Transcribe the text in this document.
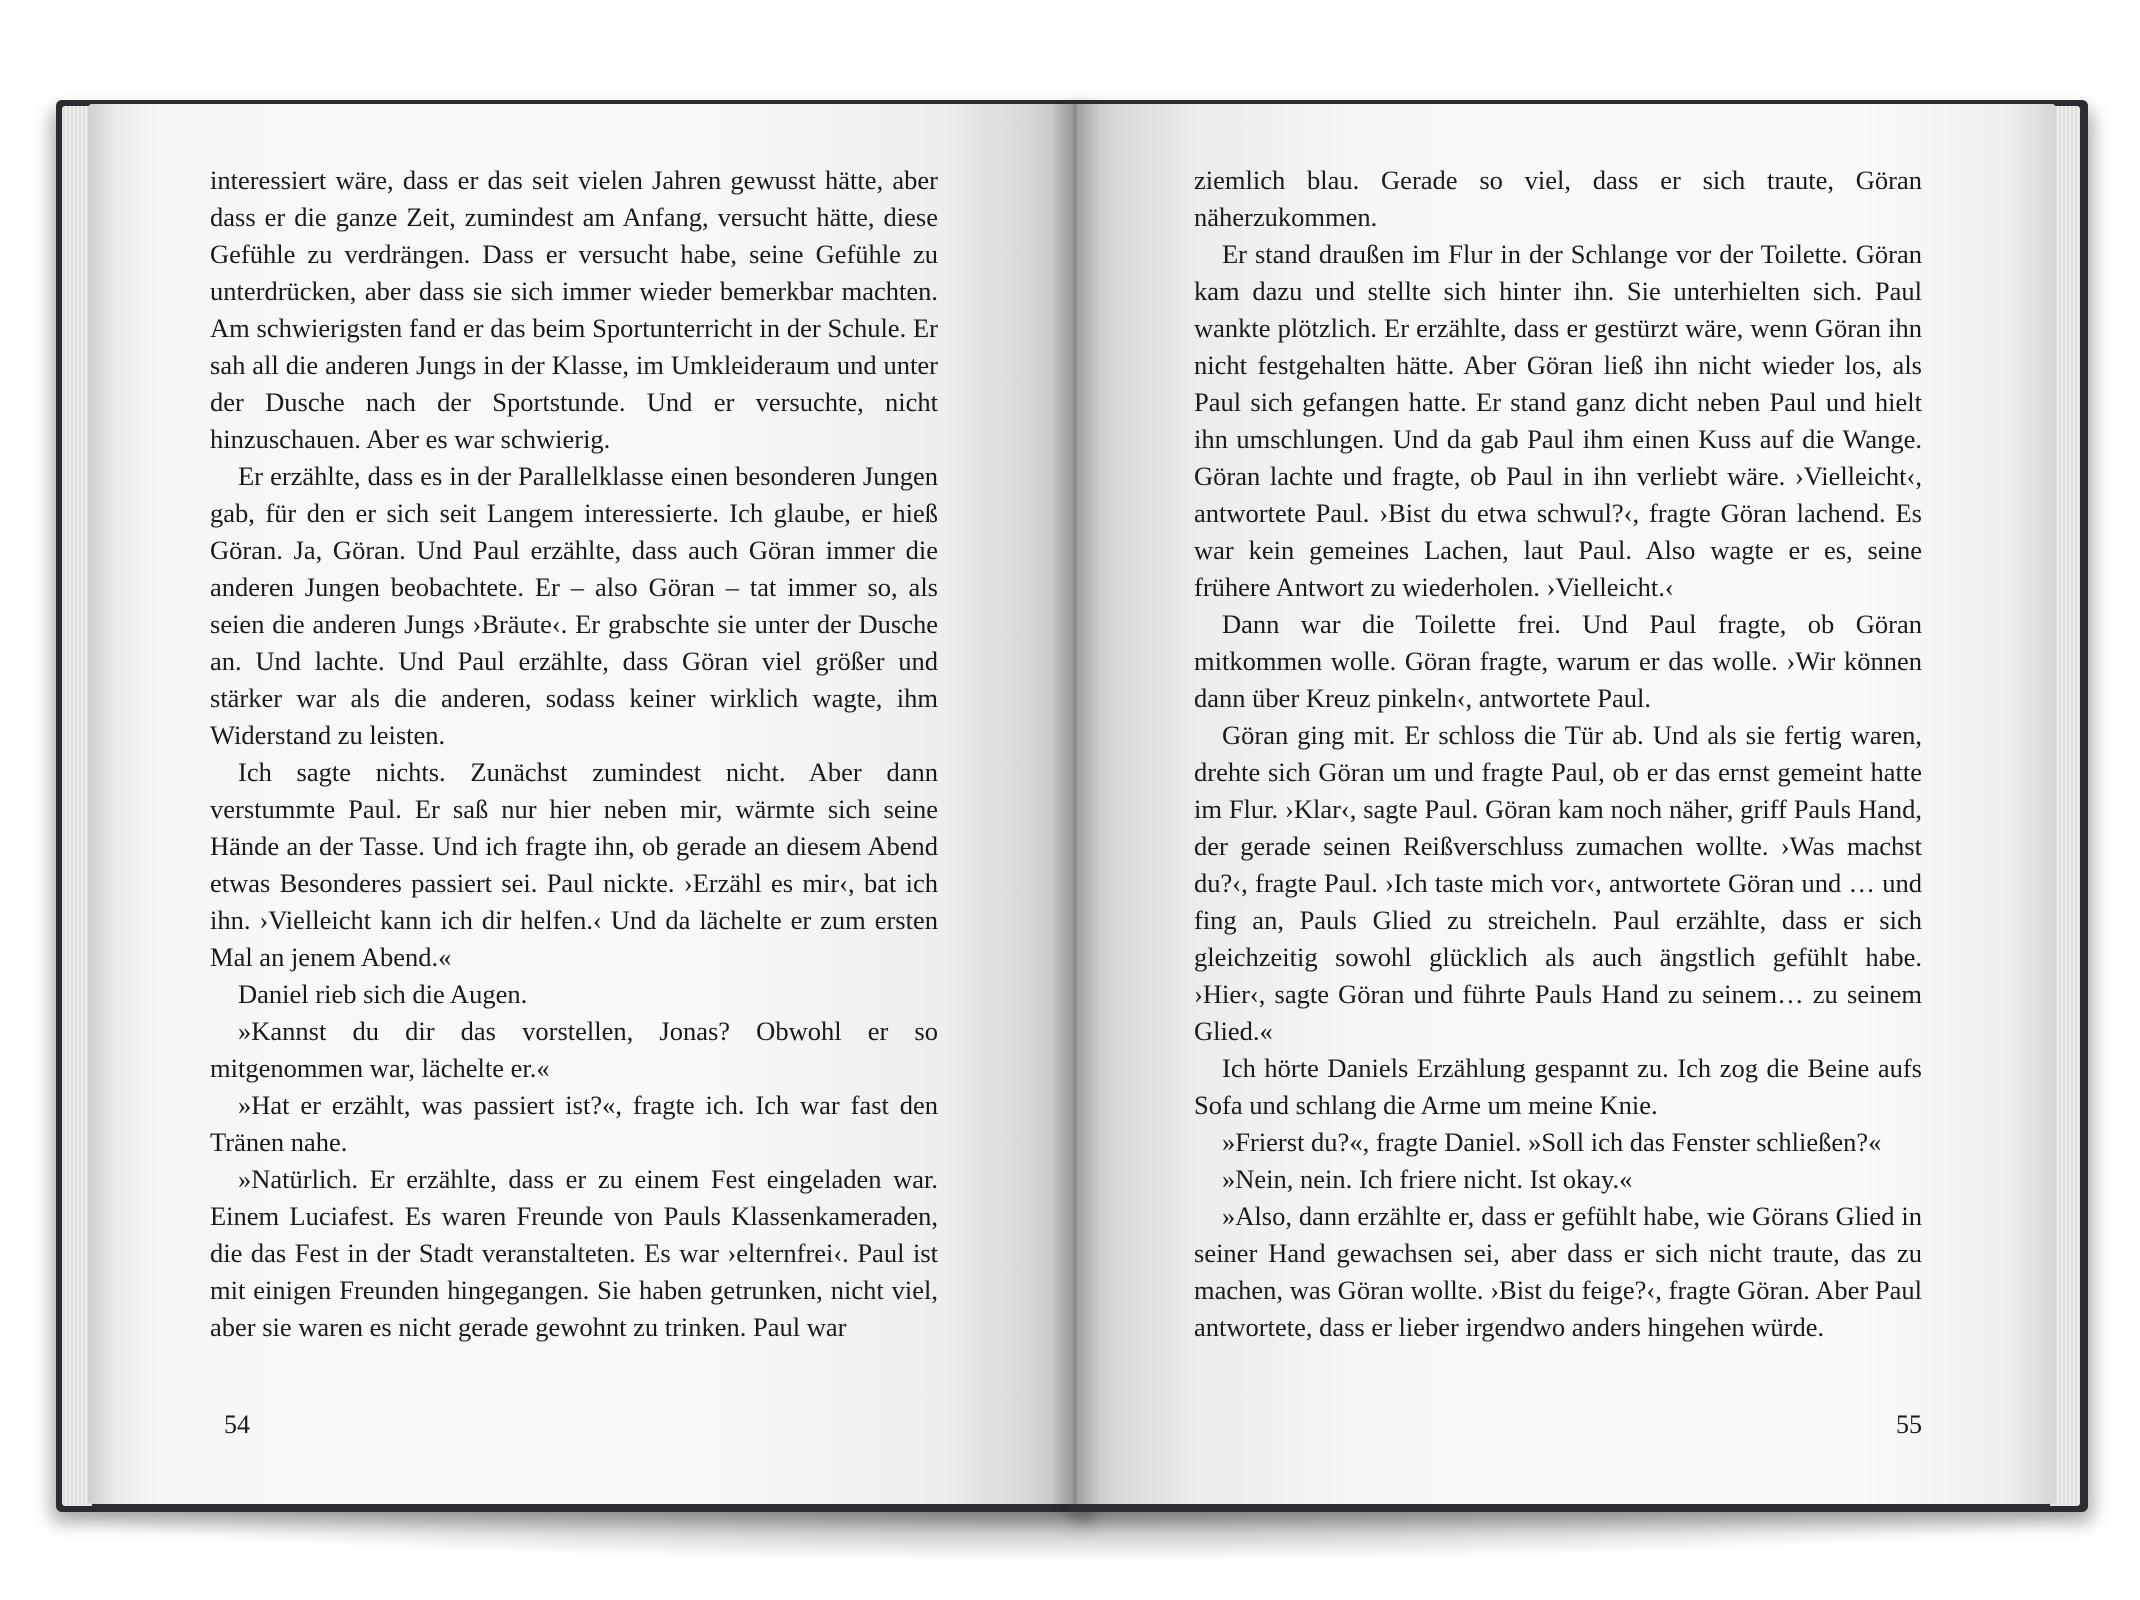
interessiert wäre, dass er das seit vielen Jahren gewusst hätte, aber dass er die ganze Zeit, zumindest am Anfang, versucht hätte, diese Gefühle zu verdrängen. Dass er versucht habe, seine Gefühle zu unterdrücken, aber dass sie sich immer wieder bemerkbar machten. Am schwierigsten fand er das beim Sportunterricht in der Schule. Er sah all die anderen Jungs in der Klasse, im Umkleideraum und unter der Dusche nach der Sportstunde. Und er versuchte, nicht hinzuschauen. Aber es war schwierig.

Er erzählte, dass es in der Parallelklasse einen besonderen Jungen gab, für den er sich seit Langem interessierte. Ich glaube, er hieß Göran. Ja, Göran. Und Paul erzählte, dass auch Göran immer die anderen Jungen beobachtete. Er – also Göran – tat immer so, als seien die anderen Jungs ›Bräute‹. Er grabschte sie unter der Dusche an. Und lachte. Und Paul erzählte, dass Göran viel größer und stärker war als die anderen, sodass keiner wirklich wagte, ihm Widerstand zu leisten.

Ich sagte nichts. Zunächst zumindest nicht. Aber dann verstummte Paul. Er saß nur hier neben mir, wärmte sich seine Hände an der Tasse. Und ich fragte ihn, ob gerade an diesem Abend etwas Besonderes passiert sei. Paul nickte. ›Erzähl es mir‹, bat ich ihn. ›Vielleicht kann ich dir helfen.‹ Und da lächelte er zum ersten Mal an jenem Abend.«

Daniel rieb sich die Augen.

»Kannst du dir das vorstellen, Jonas? Obwohl er so mitgenommen war, lächelte er.«

»Hat er erzählt, was passiert ist?«, fragte ich. Ich war fast den Tränen nahe.

»Natürlich. Er erzählte, dass er zu einem Fest eingeladen war. Einem Luciafest. Es waren Freunde von Pauls Klassenkameraden, die das Fest in der Stadt veranstalteten. Es war ›elternfrei‹. Paul ist mit einigen Freunden hingegangen. Sie haben getrunken, nicht viel, aber sie waren es nicht gerade gewohnt zu trinken. Paul war

54

ziemlich blau. Gerade so viel, dass er sich traute, Göran näherzukommen.

Er stand draußen im Flur in der Schlange vor der Toilette. Göran kam dazu und stellte sich hinter ihn. Sie unterhielten sich. Paul wankte plötzlich. Er erzählte, dass er gestürzt wäre, wenn Göran ihn nicht festgehalten hätte. Aber Göran ließ ihn nicht wieder los, als Paul sich gefangen hatte. Er stand ganz dicht neben Paul und hielt ihn umschlungen. Und da gab Paul ihm einen Kuss auf die Wange. Göran lachte und fragte, ob Paul in ihn verliebt wäre. ›Vielleicht‹, antwortete Paul. ›Bist du etwa schwul?‹, fragte Göran lachend. Es war kein gemeines Lachen, laut Paul. Also wagte er es, seine frühere Antwort zu wiederholen. ›Vielleicht.‹

Dann war die Toilette frei. Und Paul fragte, ob Göran mitkommen wolle. Göran fragte, warum er das wolle. ›Wir können dann über Kreuz pinkeln‹, antwortete Paul.

Göran ging mit. Er schloss die Tür ab. Und als sie fertig waren, drehte sich Göran um und fragte Paul, ob er das ernst gemeint hatte im Flur. ›Klar‹, sagte Paul. Göran kam noch näher, griff Pauls Hand, der gerade seinen Reißverschluss zumachen wollte. ›Was machst du?‹, fragte Paul. ›Ich taste mich vor‹, antwortete Göran und … und fing an, Pauls Glied zu streicheln. Paul erzählte, dass er sich gleichzeitig sowohl glücklich als auch ängstlich gefühlt habe. ›Hier‹, sagte Göran und führte Pauls Hand zu seinem… zu seinem Glied.«

Ich hörte Daniels Erzählung gespannt zu. Ich zog die Beine aufs Sofa und schlang die Arme um meine Knie.

»Frierst du?«, fragte Daniel. »Soll ich das Fenster schließen?«

»Nein, nein. Ich friere nicht. Ist okay.«

»Also, dann erzählte er, dass er gefühlt habe, wie Görans Glied in seiner Hand gewachsen sei, aber dass er sich nicht traute, das zu machen, was Göran wollte. ›Bist du feige?‹, fragte Göran. Aber Paul antwortete, dass er lieber irgendwo anders hingehen würde.

55
